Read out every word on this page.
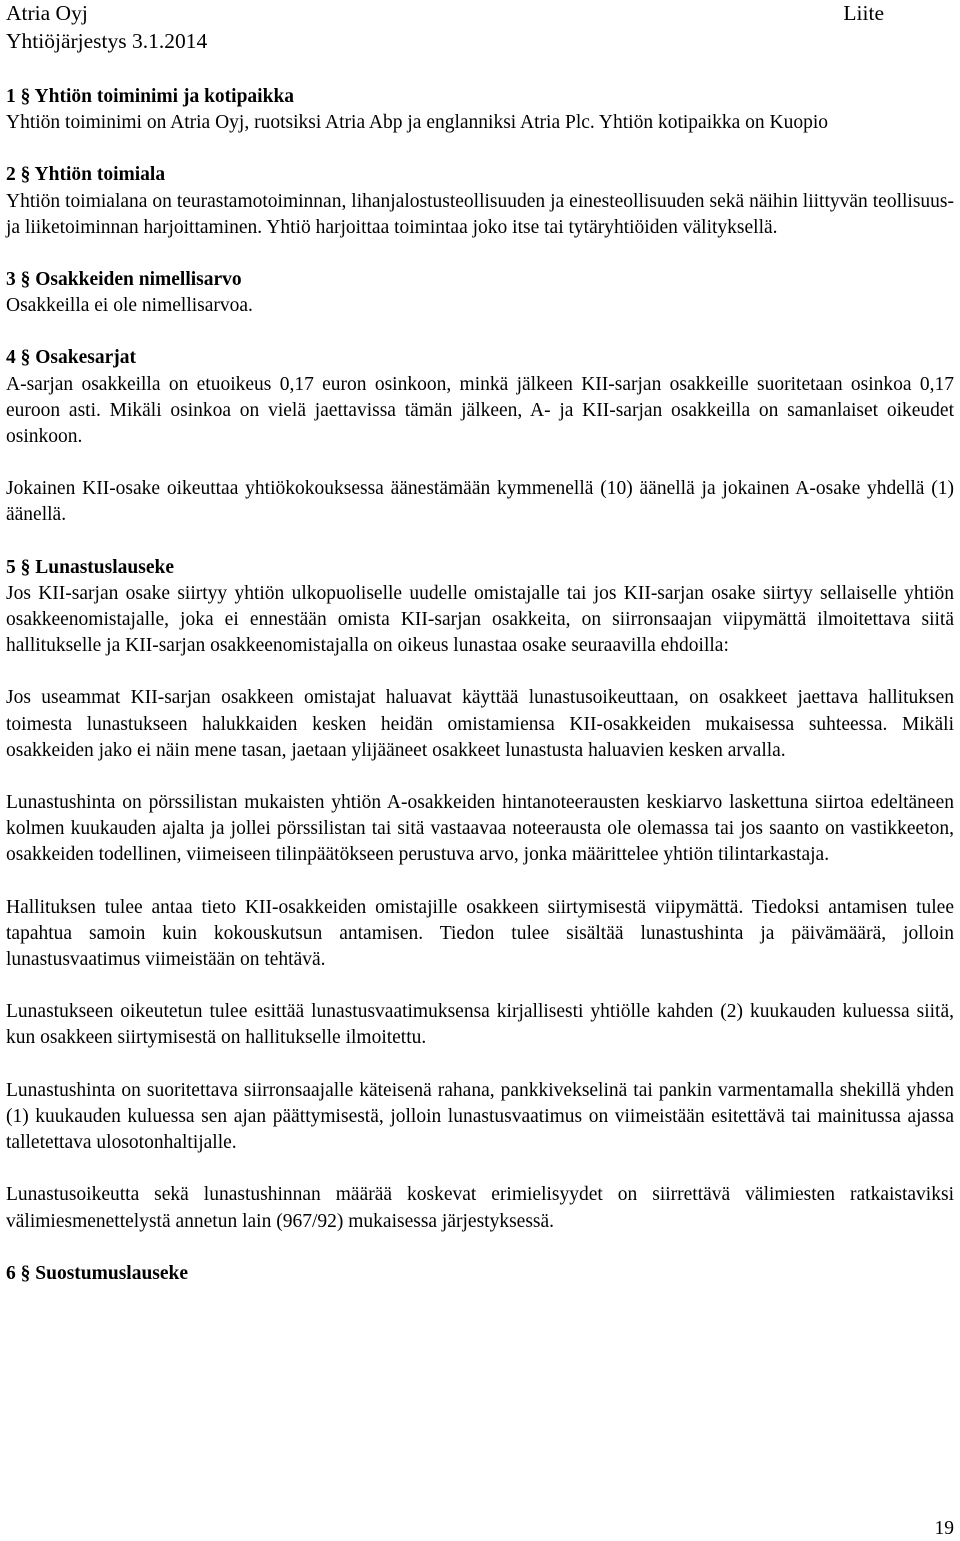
Atria Oyj
Yhtiöjärjestys 3.1.2014
Liite
1 § Yhtiön toiminimi ja kotipaikka

Yhtiön toiminimi on Atria Oyj, ruotsiksi Atria Abp ja englanniksi Atria Plc. Yhtiön kotipaikka on Kuopio

2 § Yhtiön toimiala

Yhtiön toimialana on teurastamotoiminnan, lihanjalostusteollisuuden ja einesteollisuuden sekä näihin liittyvän teollisuus- ja liiketoiminnan harjoittaminen. Yhtiö harjoittaa toimintaa joko itse tai tytäryhtiöiden välityksellä.

3 § Osakkeiden nimellisarvo

Osakkeilla ei ole nimellisarvoa.

4 § Osakesarjat

A-sarjan osakkeilla on etuoikeus 0,17 euron osinkoon, minkä jälkeen KII-sarjan osakkeille suoritetaan osinkoa 0,17 euroon asti. Mikäli osinkoa on vielä jaettavissa tämän jälkeen, A- ja KII-sarjan osakkeilla on samanlaiset oikeudet osinkoon.

Jokainen KII-osake oikeuttaa yhtiökokouksessa äänestämään kymmenellä (10) äänellä ja jokainen A-osake yhdellä (1) äänellä.

5 § Lunastuslauseke

Jos KII-sarjan osake siirtyy yhtiön ulkopuoliselle uudelle omistajalle tai jos KII-sarjan osake siirtyy sellaiselle yhtiön osakkeenomistajalle, joka ei ennestään omista KII-sarjan osakkeita, on siirronsaajan viipymättä ilmoitettava siitä hallitukselle ja KII-sarjan osakkeenomistajalla on oikeus lunastaa osake seuraavilla ehdoilla:

Jos useammat KII-sarjan osakkeen omistajat haluavat käyttää lunastusoikeuttaan, on osakkeet jaettava hallituksen toimesta lunastukseen halukkaiden kesken heidän omistamiensa KII-osakkeiden mukaisessa suhteessa. Mikäli osakkeiden jako ei näin mene tasan, jaetaan ylijääneet osakkeet lunastusta haluavien kesken arvalla.

Lunastushinta on pörssilistan mukaisten yhtiön A-osakkeiden hintanoteerausten keskiarvo laskettuna siirtoa edeltäneen kolmen kuukauden ajalta ja jollei pörssilistan tai sitä vastaavaa noteerausta ole olemassa tai jos saanto on vastikkeeton, osakkeiden todellinen, viimeiseen tilinpäätökseen perustuva arvo, jonka määrittelee yhtiön tilintarkastaja.

Hallituksen tulee antaa tieto KII-osakkeiden omistajille osakkeen siirtymisestä viipymättä. Tiedoksi antamisen tulee tapahtua samoin kuin kokouskutsun antamisen. Tiedon tulee sisältää lunastushinta ja päivämäärä, jolloin lunastusvaatimus viimeistään on tehtävä.

Lunastukseen oikeutetun tulee esittää lunastusvaatimuksensa kirjallisesti yhtiölle kahden (2) kuukauden kuluessa siitä, kun osakkeen siirtymisestä on hallitukselle ilmoitettu.

Lunastushinta on suoritettava siirronsaajalle käteisenä rahana, pankkivekselinä tai pankin varmentamalla shekillä yhden (1) kuukauden kuluessa sen ajan päättymisestä, jolloin lunastusvaatimus on viimeistään esitettävä tai mainitussa ajassa talletettava ulosotonhaltijalle.

Lunastusoikeutta sekä lunastushinnan määrää koskevat erimielisyydet on siirrettävä välimiesten ratkaistaviksi välimiesmenettelystä annetun lain (967/92) mukaisessa järjestyksessä.

6 § Suostumuslauseke
19
